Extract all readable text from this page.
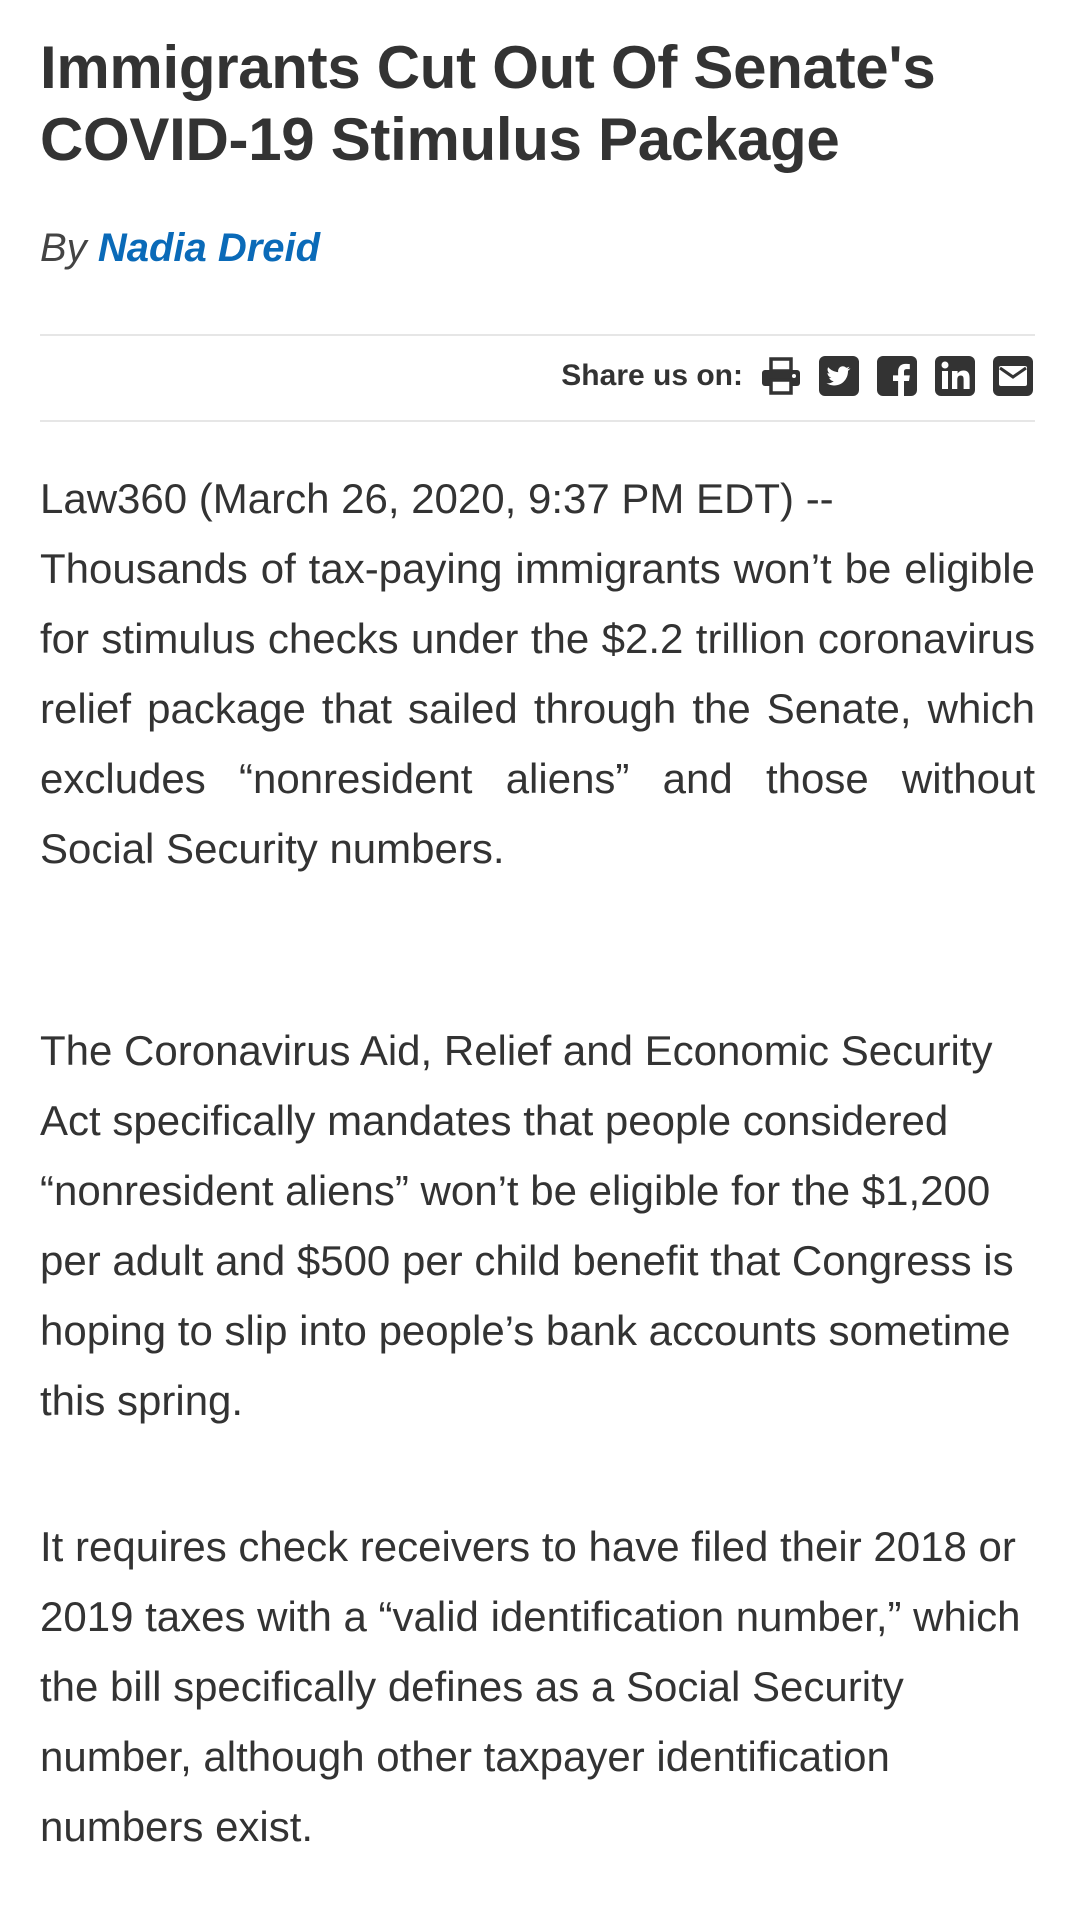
Immigrants Cut Out Of Senate's COVID-19 Stimulus Package
By Nadia Dreid
Share us on:
Law360 (March 26, 2020, 9:37 PM EDT) --
Thousands of tax-paying immigrants won’t be eligible for stimulus checks under the $2.2 trillion coronavirus relief package that sailed through the Senate, which excludes “nonresident aliens” and those without Social Security numbers.

The Coronavirus Aid, Relief and Economic Security Act specifically mandates that people considered “nonresident aliens” won’t be eligible for the $1,200 per adult and $500 per child benefit that Congress is hoping to slip into people’s bank accounts sometime this spring.

It requires check receivers to have filed their 2018 or 2019 taxes with a “valid identification number,” which the bill specifically defines as a Social Security number, although other taxpayer identification numbers exist.
